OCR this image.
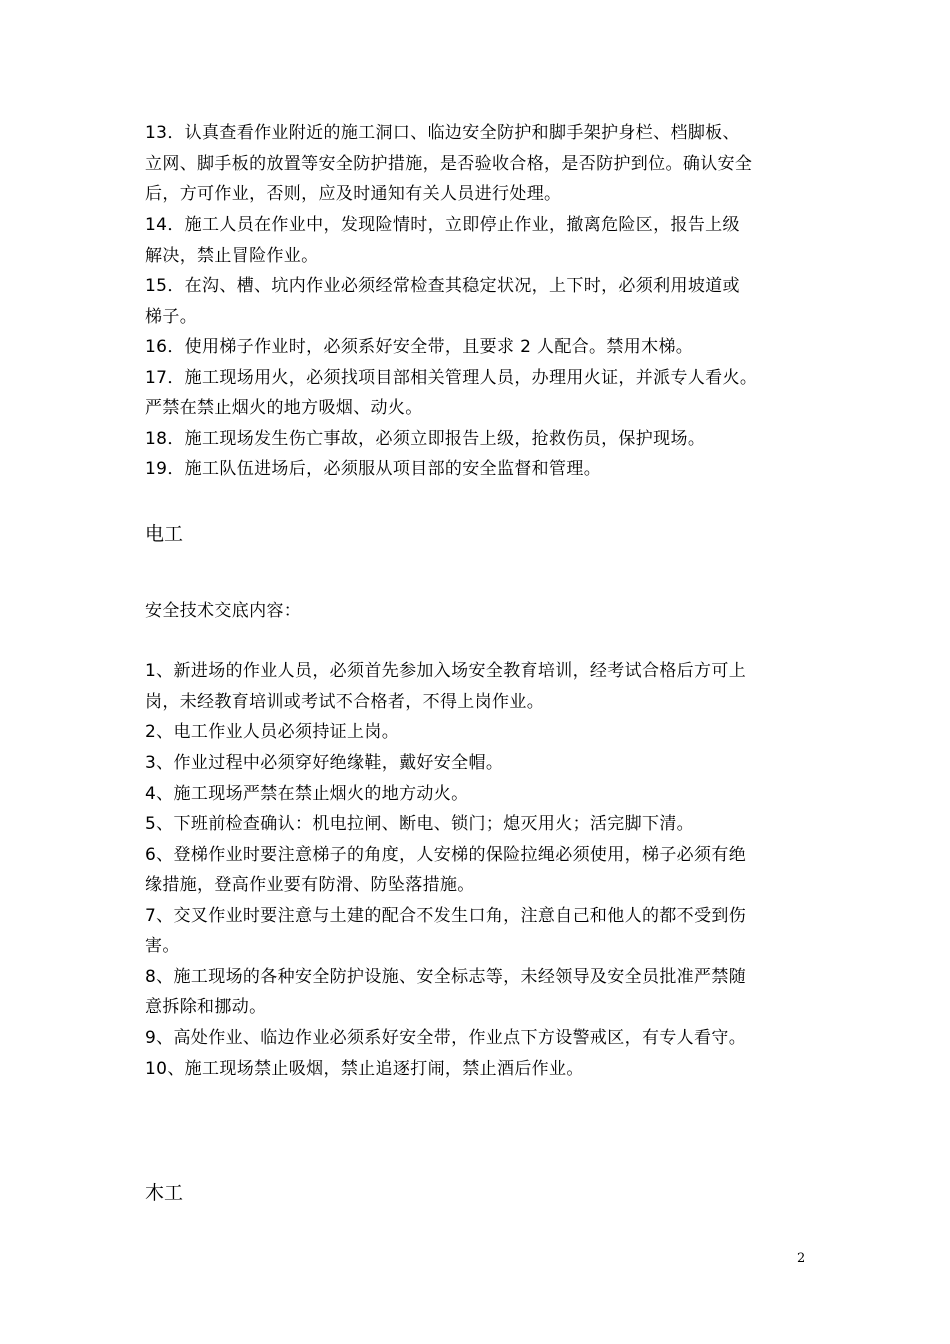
13．认真查看作业附近的施工洞口、临边安全防护和脚手架护身栏、档脚板、
立网、脚手板的放置等安全防护措施，是否验收合格，是否防护到位。确认安全
后，方可作业，否则，应及时通知有关人员进行处理。
14．施工人员在作业中，发现险情时，立即停止作业，撤离危险区，报告上级
解决，禁止冒险作业。
15．在沟、槽、坑内作业必须经常检查其稳定状况，上下时，必须利用坡道或
梯子。
16．使用梯子作业时，必须系好安全带，且要求 2 人配合。禁用木梯。
17．施工现场用火，必须找项目部相关管理人员，办理用火证，并派专人看火。
严禁在禁止烟火的地方吸烟、动火。
18．施工现场发生伤亡事故，必须立即报告上级，抢救伤员，保护现场。
19．施工队伍进场后，必须服从项目部的安全监督和管理。
电工
安全技术交底内容：
1、新进场的作业人员，必须首先参加入场安全教育培训，经考试合格后方可上
岗，未经教育培训或考试不合格者，不得上岗作业。
2、电工作业人员必须持证上岗。
3、作业过程中必须穿好绝缘鞋，戴好安全帽。
4、施工现场严禁在禁止烟火的地方动火。
5、下班前检查确认：机电拉闸、断电、锁门；熄灭用火；活完脚下清。
6、登梯作业时要注意梯子的角度，人安梯的保险拉绳必须使用，梯子必须有绝
缘措施，登高作业要有防滑、防坠落措施。
7、交叉作业时要注意与土建的配合不发生口角，注意自己和他人的都不受到伤
害。
8、施工现场的各种安全防护设施、安全标志等，未经领导及安全员批准严禁随
意拆除和挪动。
9、高处作业、临边作业必须系好安全带，作业点下方设警戒区，有专人看守。
10、施工现场禁止吸烟，禁止追逐打闹，禁止酒后作业。
木工
2
